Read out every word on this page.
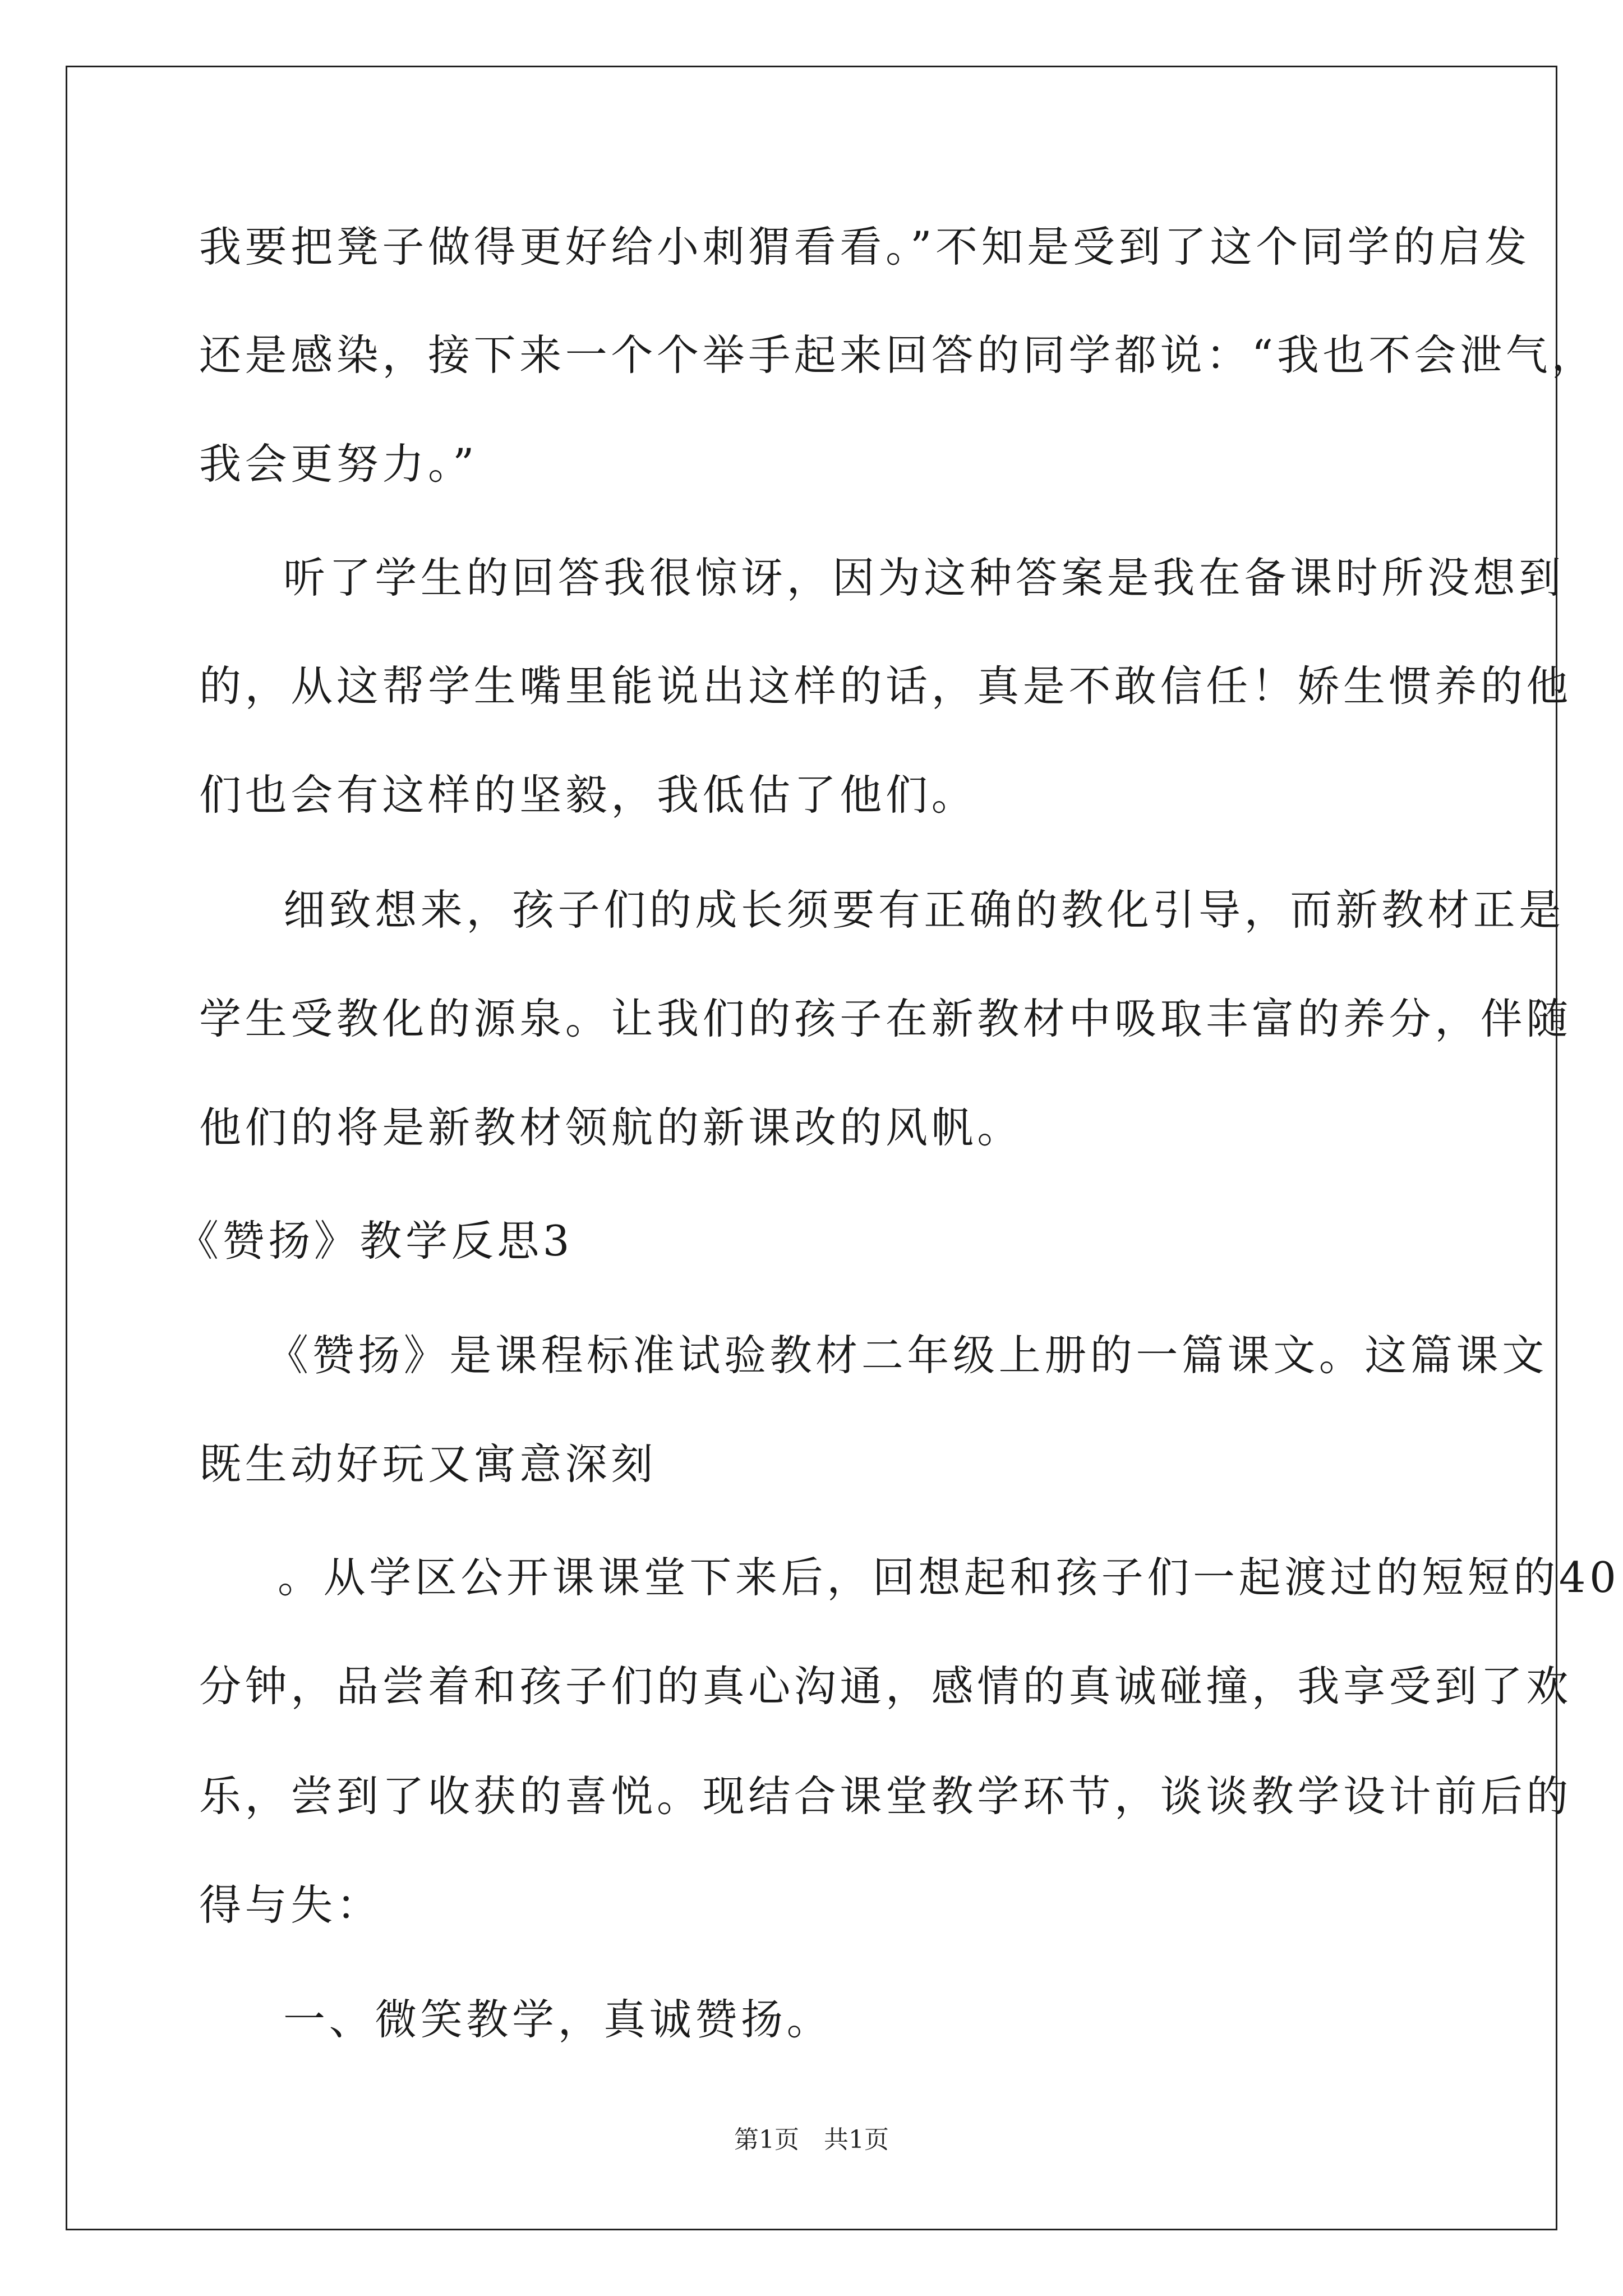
我要把凳子做得更好给小刺猬看看。”不知是受到了这个同学的启发
还是感染，接下来一个个举手起来回答的同学都说：“我也不会泄气，
我会更努力。”
听了学生的回答我很惊讶，因为这种答案是我在备课时所没想到
的，从这帮学生嘴里能说出这样的话，真是不敢信任！娇生惯养的他
们也会有这样的坚毅，我低估了他们。
细致想来，孩子们的成长须要有正确的教化引导，而新教材正是
学生受教化的源泉。让我们的孩子在新教材中吸取丰富的养分，伴随
他们的将是新教材领航的新课改的风帆。
《赞扬》教学反思3
《赞扬》是课程标准试验教材二年级上册的一篇课文。这篇课文
既生动好玩又寓意深刻
。从学区公开课课堂下来后，回想起和孩子们一起渡过的短短的40
分钟，品尝着和孩子们的真心沟通，感情的真诚碰撞，我享受到了欢
乐，尝到了收获的喜悦。现结合课堂教学环节，谈谈教学设计前后的
得与失：
一、微笑教学，真诚赞扬。
第1页　共1页
